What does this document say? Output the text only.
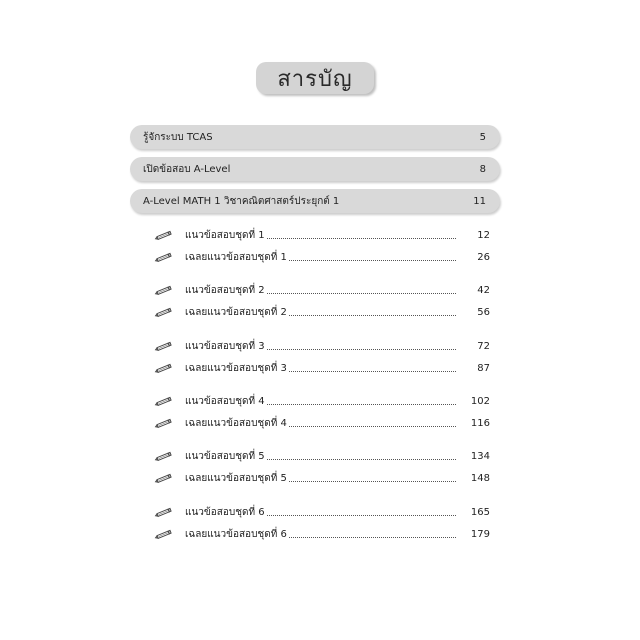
สารบัญ
รู้จักระบบ TCAS	5
เปิดข้อสอบ A-Level	8
A-Level MATH 1 วิชาคณิตศาสตร์ประยุกต์ 1	11
แนวข้อสอบชุดที่ 1	12
เฉลยแนวข้อสอบชุดที่ 1	26
แนวข้อสอบชุดที่ 2	42
เฉลยแนวข้อสอบชุดที่ 2	56
แนวข้อสอบชุดที่ 3	72
เฉลยแนวข้อสอบชุดที่ 3	87
แนวข้อสอบชุดที่ 4	102
เฉลยแนวข้อสอบชุดที่ 4	116
แนวข้อสอบชุดที่ 5	134
เฉลยแนวข้อสอบชุดที่ 5	148
แนวข้อสอบชุดที่ 6	165
เฉลยแนวข้อสอบชุดที่ 6	179
